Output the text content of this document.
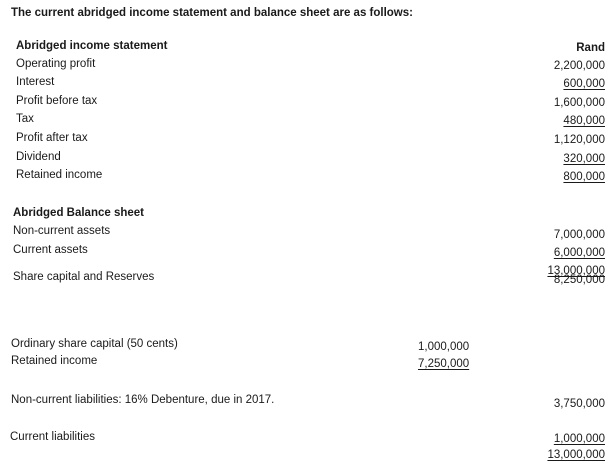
The current abridged income statement and balance sheet are as follows:
Abridged income statement	Rand
Operating profit	2,200,000
Interest	600,000
Profit before tax	1,600,000
Tax	480,000
Profit after tax	1,120,000
Dividend	320,000
Retained income	800,000
Abridged Balance sheet
Non-current assets	7,000,000
Current assets	6,000,000
13,000,000
Share capital and Reserves	8,250,000
Ordinary share capital (50 cents)	1,000,000
Retained income	7,250,000
Non-current liabilities: 16% Debenture, due in 2017.	3,750,000
Current liabilities	1,000,000
13,000,000
